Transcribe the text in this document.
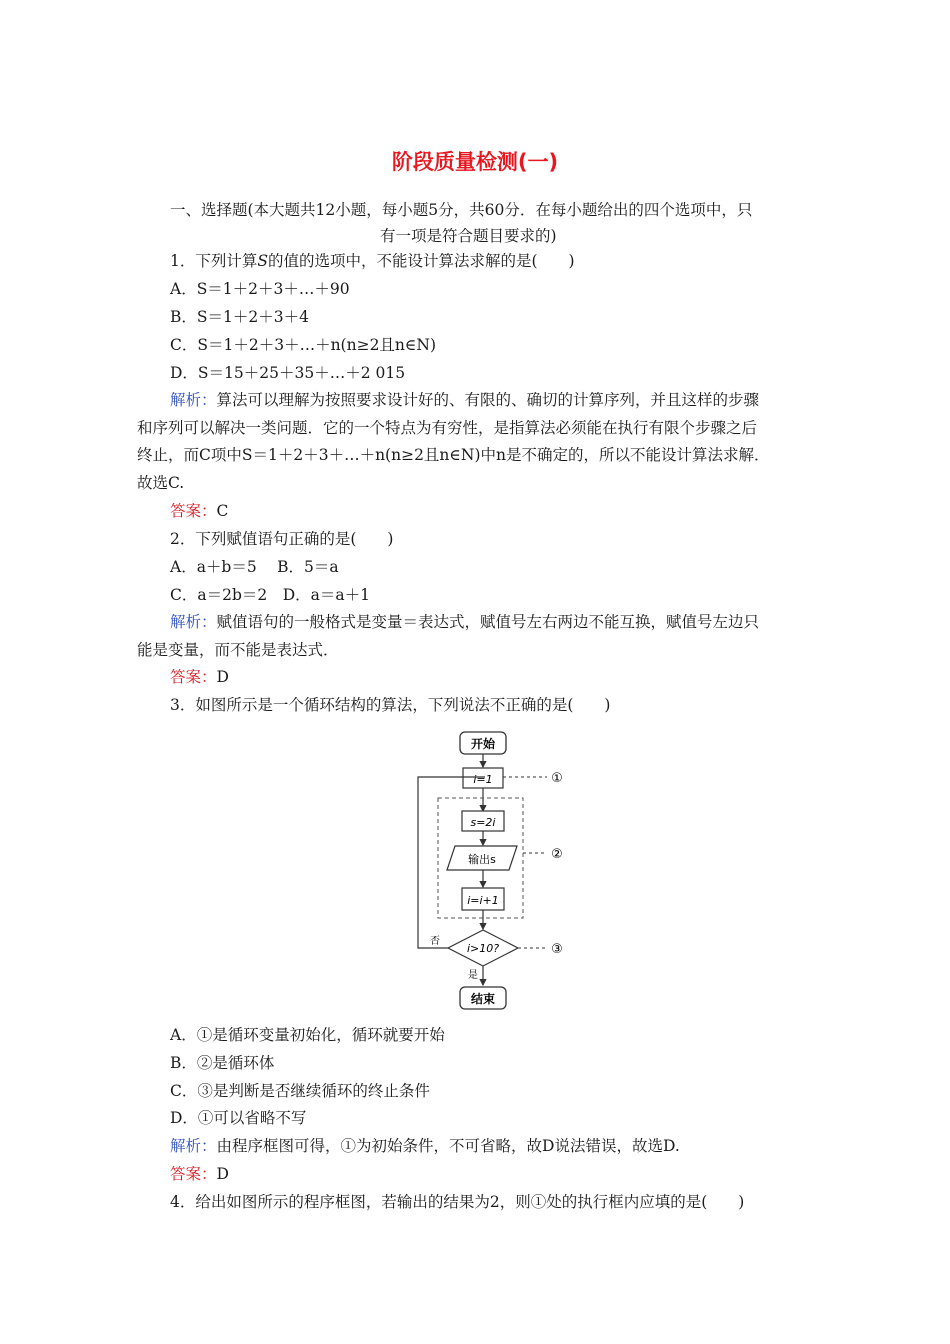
阶段质量检测(一)
一、选择题(本大题共12小题，每小题5分，共60分．在每小题给出的四个选项中，只
有一项是符合题目要求的)
1．下列计算S的值的选项中，不能设计算法求解的是(　　)
A．S＝1＋2＋3＋…＋90
B．S＝1＋2＋3＋4
C．S＝1＋2＋3＋…＋n(n≥2且n∈N)
D．S＝15＋25＋35＋…＋2 015
解析：算法可以理解为按照要求设计好的、有限的、确切的计算序列，并且这样的步骤
和序列可以解决一类问题．它的一个特点为有穷性，是指算法必须能在执行有限个步骤之后
终止，而C项中S＝1＋2＋3＋…＋n(n≥2且n∈N)中n是不确定的，所以不能设计算法求解．
故选C.
答案：C
2．下列赋值语句正确的是(　　)
A．a＋b＝5　 B．5＝a
C．a＝2b＝2　D．a＝a＋1
解析：赋值语句的一般格式是变量＝表达式，赋值号左右两边不能互换，赋值号左边只
能是变量，而不能是表达式．
答案：D
3．如图所示是一个循环结构的算法，下列说法不正确的是(　　)
开始
i=1	①
②
s=2i
输出s
i=i+1
i>10?	③
否
是
结束
A．①是循环变量初始化，循环就要开始
B．②是循环体
C．③是判断是否继续循环的终止条件
D．①可以省略不写
解析：由程序框图可得，①为初始条件，不可省略，故D说法错误，故选D.
答案：D
4．给出如图所示的程序框图，若输出的结果为2，则①处的执行框内应填的是(　　)
